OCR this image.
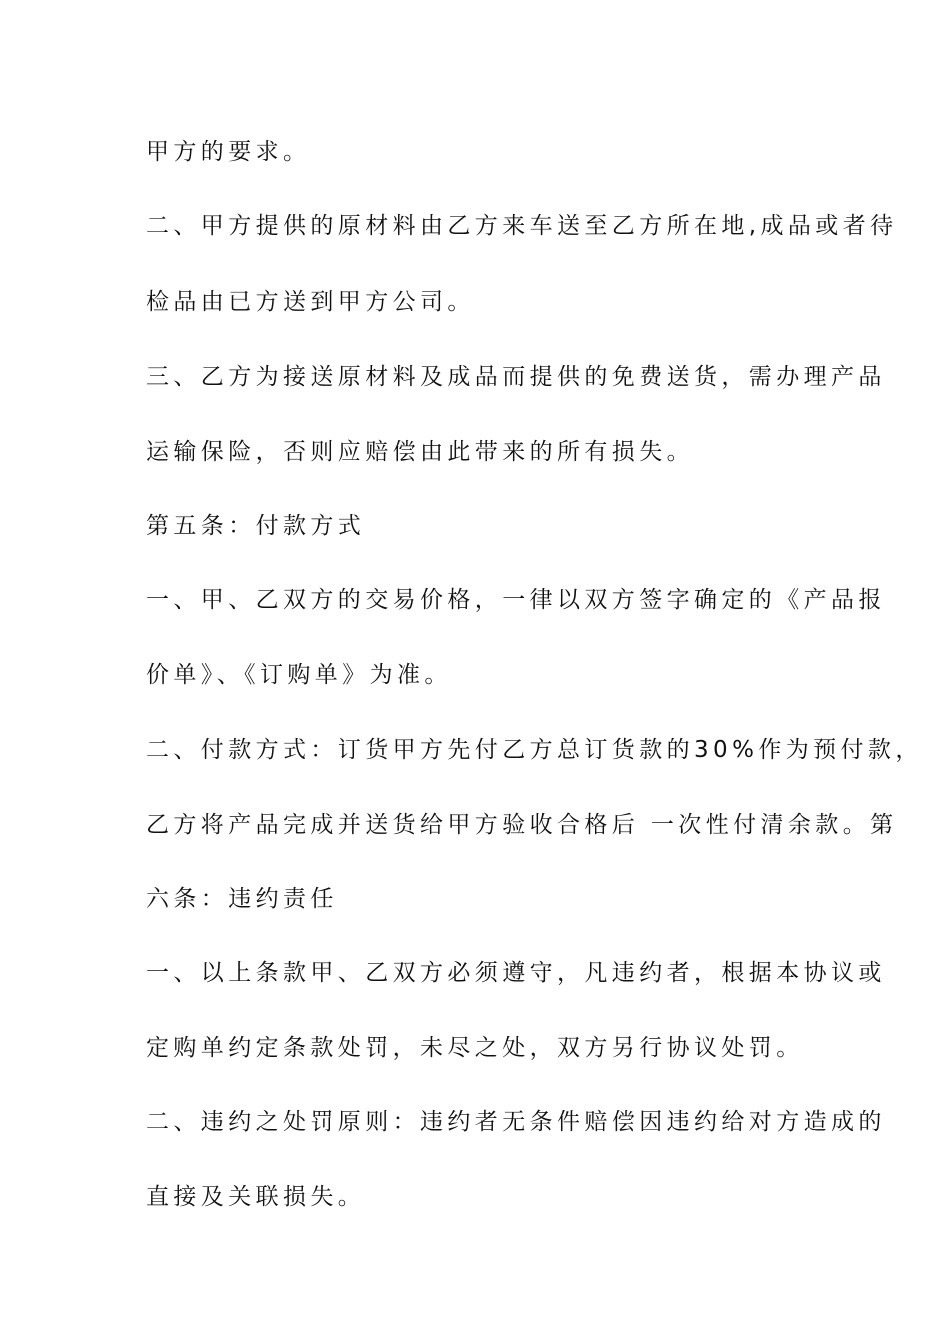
甲方的要求。
二、甲方提供的原材料由乙方来车送至乙方所在地,成品或者待
检品由已方送到甲方公司。
三、乙方为接送原材料及成品而提供的免费送货，需办理产品
运输保险，否则应赔偿由此带来的所有损失。
第五条：付款方式
一、甲、乙双方的交易价格，一律以双方签字确定的《产品报
价单》、《订购单》为准。
二、付款方式：订货甲方先付乙方总订货款的30%作为预付款，
乙方将产品完成并送货给甲方验收合格后 一次性付清余款。第
六条：违约责任
一、以上条款甲、乙双方必须遵守，凡违约者，根据本协议或
定购单约定条款处罚，未尽之处，双方另行协议处罚。
二、违约之处罚原则：违约者无条件赔偿因违约给对方造成的
直接及关联损失。
